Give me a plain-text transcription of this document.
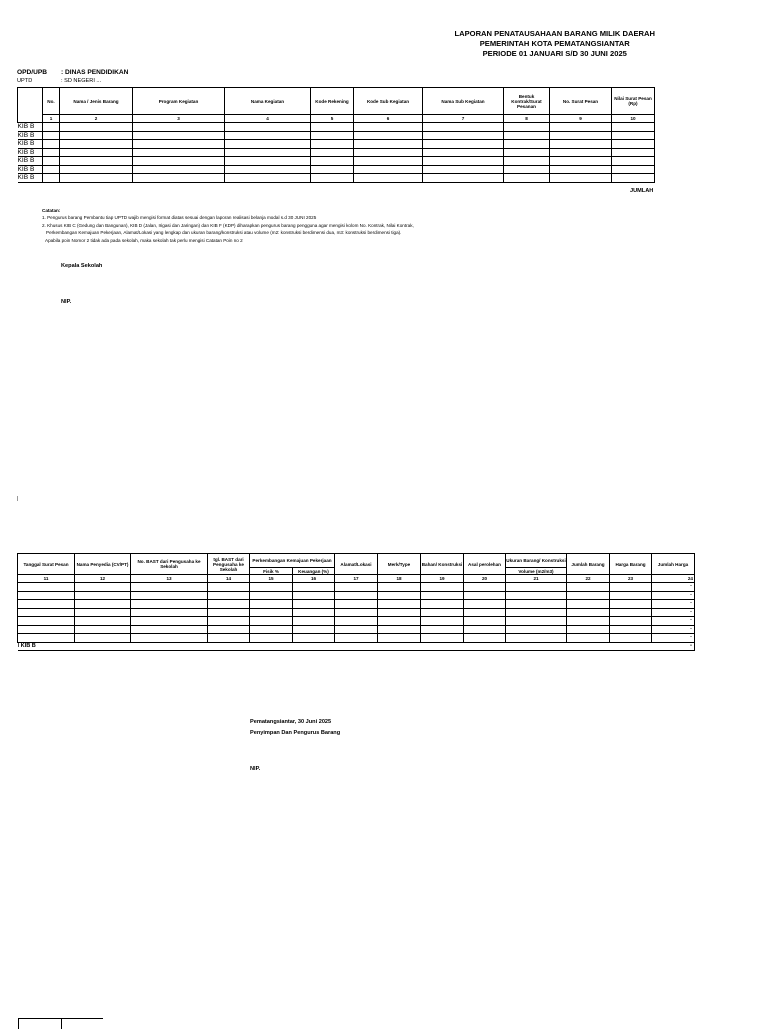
LAPORAN PENATAUSAHAAN BARANG MILIK DAERAH
PEMERINTAH KOTA PEMATANGSIANTAR
PERIODE 01 JANUARI S/D 30 JUNI 2025
OPD/UPB : DINAS PENDIDIKAN
UPTD	: SD NEGERI ...
	No.	Nama / Jenis Barang	Program Kegiatan	Nama Kegiatan	Kode Rekening	Kode Sub Kegiatan	Nama Sub Kegiatan	Bentuk Kontrak/Surat Pesanan	No. Surat Pesan	Nilai Surat Pesan (Rp)
	1	2	3	4	5	6	7	8	9	10
KIB B										
KIB B										
KIB B										
KIB B										
KIB B										
KIB B										
KIB B										
JUMLAH
Catatan:
1. Pengurus barang Pembantu tiap UPTD wajib mengisi format diatas sesuai dengan laporan realisasi belanja modal s.d 30 JUNI 2025
2. Khusus KIB C (Gedung dan Bangunan), KIB D (Jalan, Irigasi dan Jaringan) dan KIB F (KDP) diharapkan pengurus barang pengguna agar mengisi kolom No. Kontrak, Nilai Kontrak,
Perkembangan Kemajuan Pekerjaan, Alamat/Lokasi yang lengkap dan ukuran barang/konstruksi atau volume (m2: konstruksi berdimensi dua, m3: konstruksi berdimensi tiga).
Apabila poin Nomor 2 tidak ada pada sekolah, maka sekolah tak perlu mengisi Catatan Poin no 2
Kepala Sekolah
NIP.
Tanggal Surat Pesan	Nama Penyedia (CV/PT)	No. BAST dari Pengusaha ke Sekolah	tgl. BAST dari Pengusaha ke Sekolah	Perkembangan Kemajuan Pekerjaan		Alamat/Lokasi	Merk/Type	Bahan/ Konstruksi	Asal perolehan	Ukuran Barang/ Konstruksi	Jumlah Barang	Harga Barang	Jumlah Harga
				Fisik %	Keuangan (%)					Volume (m2/m3)			
11	12	13	14	15	16	17	18	19	20	21	22	23	24
													-
													-
													-
													-
													-
													-
													-
I KIB B													-
Pematangsiantar, 30 Juni 2025
Penyimpan Dan Pengurus Barang
NIP.
